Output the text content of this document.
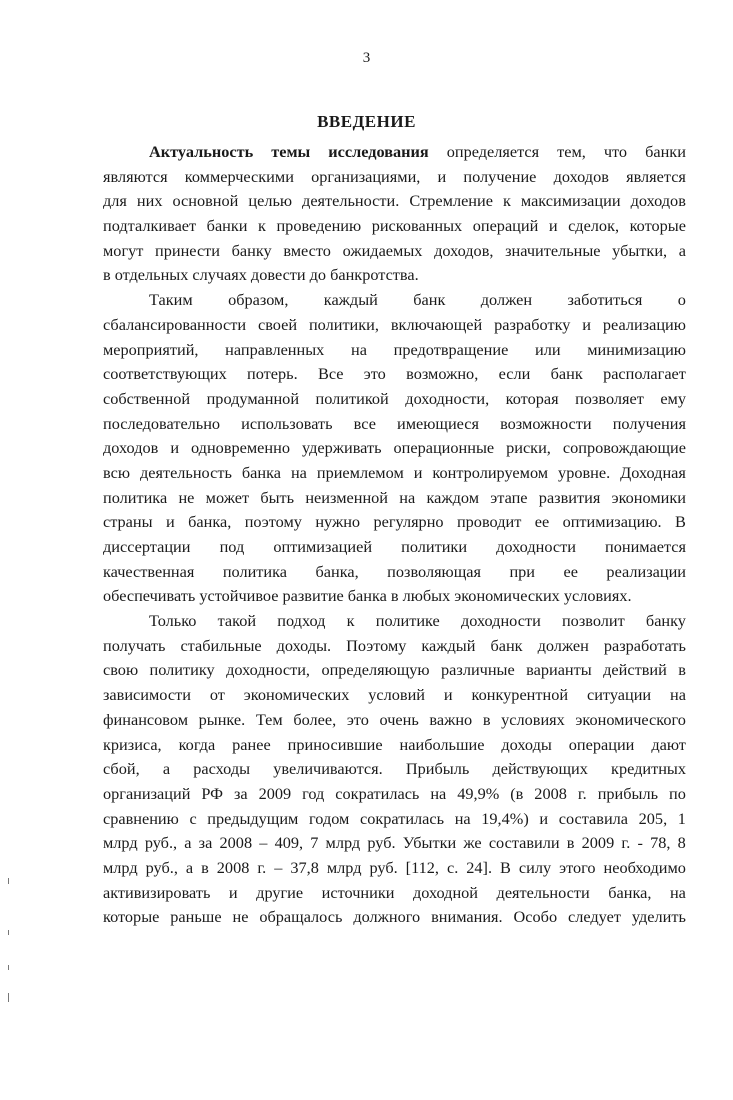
3
ВВЕДЕНИЕ
Актуальность темы исследования определяется тем, что банки
являются коммерческими организациями, и получение доходов является
для них основной целью деятельности. Стремление к максимизации доходов
подталкивает банки к проведению рискованных операций и сделок, которые
могут принести банку вместо ожидаемых доходов, значительные убытки, а
в отдельных случаях довести до банкротства.
Таким образом, каждый банк должен заботиться о
сбалансированности своей политики, включающей разработку и реализацию
мероприятий, направленных на предотвращение или минимизацию
соответствующих потерь. Все это возможно, если банк располагает
собственной продуманной политикой доходности, которая позволяет ему
последовательно использовать все имеющиеся возможности получения
доходов и одновременно удерживать операционные риски, сопровождающие
всю деятельность банка на приемлемом и контролируемом уровне. Доходная
политика не может быть неизменной на каждом этапе развития экономики
страны и банка, поэтому нужно регулярно проводит ее оптимизацию. В
диссертации под оптимизацией политики доходности понимается
качественная политика банка, позволяющая при ее реализации
обеспечивать устойчивое развитие банка в любых экономических условиях.
Только такой подход к политике доходности позволит банку
получать стабильные доходы. Поэтому каждый банк должен разработать
свою политику доходности, определяющую различные варианты действий в
зависимости от экономических условий и конкурентной ситуации на
финансовом рынке. Тем более, это очень важно в условиях экономического
кризиса, когда ранее приносившие наибольшие доходы операции дают
сбой, а расходы увеличиваются. Прибыль действующих кредитных
организаций РФ за 2009 год сократилась на 49,9% (в 2008 г. прибыль по
сравнению с предыдущим годом сократилась на 19,4%) и составила 205, 1
млрд руб., а за 2008 – 409, 7 млрд руб. Убытки же составили в 2009 г. - 78, 8
млрд руб., а в 2008 г. – 37,8 млрд руб. [112, с. 24]. В силу этого необходимо
активизировать и другие источники доходной деятельности банка, на
которые раньше не обращалось должного внимания. Особо следует уделить
